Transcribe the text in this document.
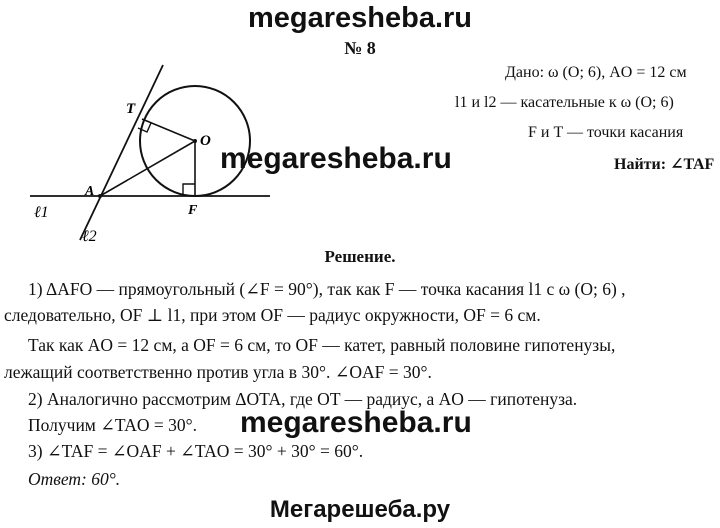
megaresheba.ru
№ 8
Дано: ω (O; 6), AO = 12 см
l1 и l2 — касательные к ω (O; 6)
F и T — точки касания
Найти: ∠TAF
T
O
A
F
ℓ1
ℓ2
megaresheba.ru
Решение.
1) ΔAFO — прямоугольный (∠F = 90°), так как F — точка касания l1 с ω (O; 6) ,
следовательно, OF ⊥ l1, при этом OF — радиус окружности, OF = 6 см.
Так как AO = 12 см, а OF = 6 см, то OF — катет, равный половине гипотенузы,
лежащий соответственно против угла в 30°. ∠OAF = 30°.
2) Аналогично рассмотрим ΔOTA, где OT — радиус, а AO — гипотенуза.
Получим ∠TAO = 30°.
3) ∠TAF = ∠OAF + ∠TAO = 30° + 30° = 60°.
Ответ: 60°.
megaresheba.ru
Мегарешеба.ру
